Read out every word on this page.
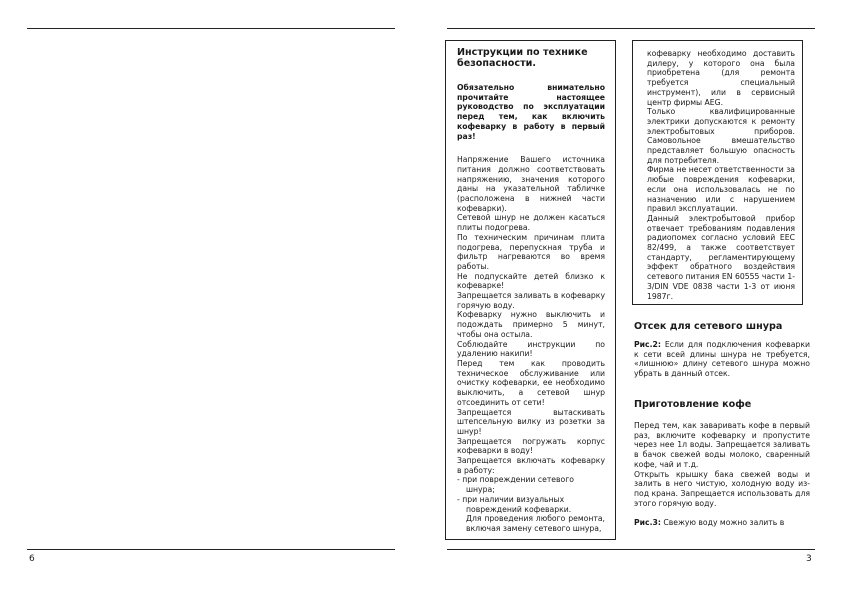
6	3
Инструкции по технике безопасности.

Обязательно внимательно прочитайте настоящее руководство по эксплуатации перед тем, как включить кофеварку в работу в первый раз!

Напряжение Вашего источника питания должно соответствовать напряжению, значения которого даны на указательной табличке (расположена в нижней части кофеварки).

Сетевой шнур не должен касаться плиты подогрева.

По техническим причинам плита подогрева, перепускная труба и фильтр нагреваются во время работы.

Не подпускайте детей близко к кофеварке!

Запрещается заливать в кофеварку горячую воду.

Кофеварку нужно выключить и подождать примерно 5 минут, чтобы она остыла.

Соблюдайте инструкции по удалению накипи!

Перед тем как проводить техническое обслуживание или очистку кофеварки, ее необходимо выключить, а сетевой шнур отсоединить от сети!

Запрещается вытаскивать штепсельную вилку из розетки за шнур!

Запрещается погружать корпус кофеварки в воду!

Запрещается включать кофеварку в работу:

- при повреждении сетевого шнура;
- при наличии визуальных повреждений кофеварки.

Для проведения любого ремонта, включая замену сетевого шнура,

кофеварку необходимо доставить дилеру, у которого она была приобретена (для ремонта требуется специальный инструмент), или в сервисный центр фирмы AEG.

Только квалифицированные электрики допускаются к ремонту электробытовых приборов. Самовольное вмешательство представляет большую опасность для потребителя.

Фирма не несет ответственности за любые повреждения кофеварки, если она использовалась не по назначению или с нарушением правил эксплуатации.

Данный электробытовой прибор отвечает требованиям подавления радиопомех согласно условий ЕЕС 82/499, а также соответствует стандарту, регламентирующему эффект обратного воздействия сетевого питания EN 60555 части 1-3/DIN VDE 0838 части 1-3 от июня 1987г.

Отсек для сетевого шнура
Рис.2: Если для подключения кофеварки к сети всей длины шнура не требуется, «лишнюю» длину сетевого шнура можно убрать в данный отсек.
Приготовление кофе

Перед тем, как заваривать кофе в первый раз, включите кофеварку и пропустите через нее 1л воды. Запрещается заливать в бачок свежей воды молоко, сваренный кофе, чай и т.д.

Открыть крышку бака свежей воды и залить в него чистую, холодную воду из-под крана. Запрещается использовать для этого горячую воду.

Рис.3: Свежую воду можно залить в
